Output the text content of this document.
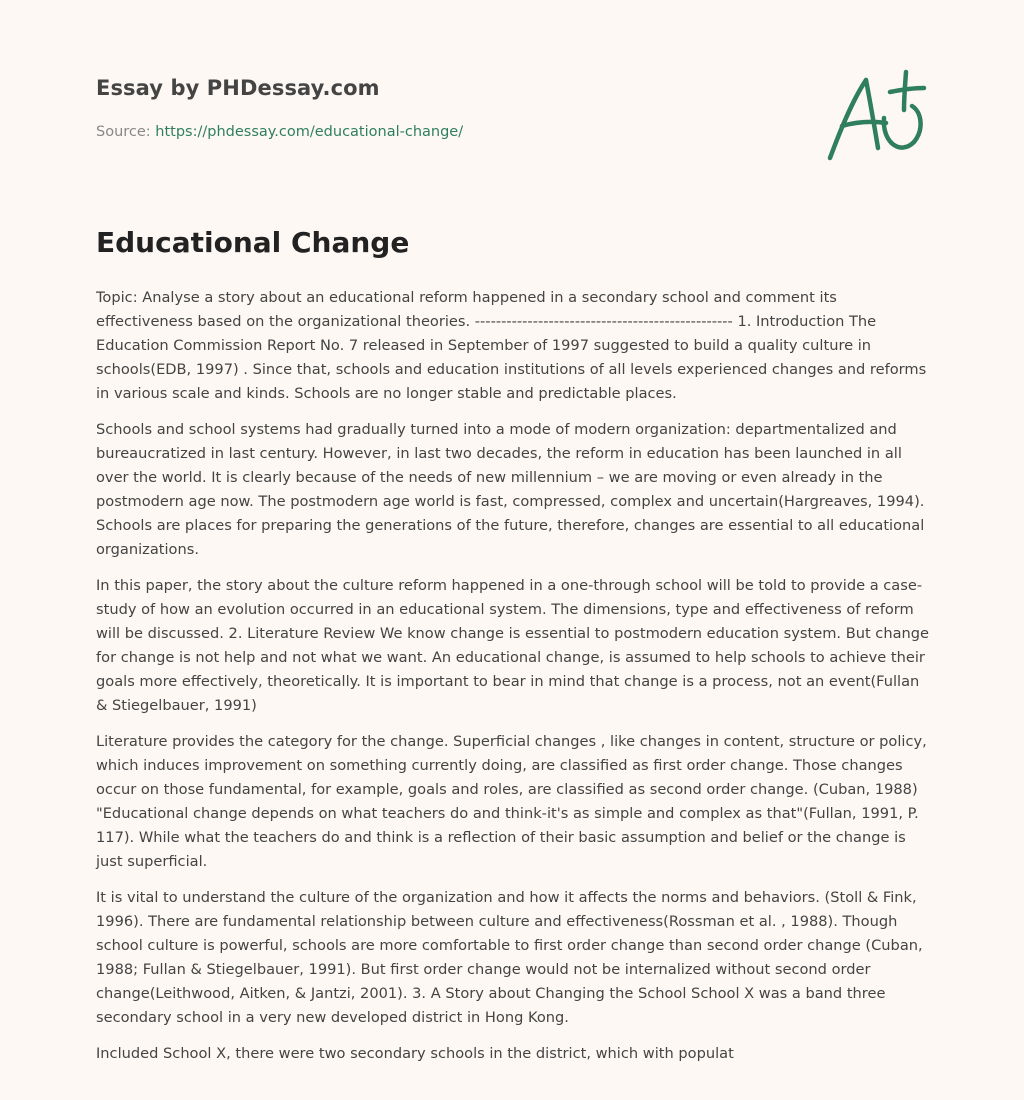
Essay by PHDessay.com
Source: https://phdessay.com/educational-change/
Educational Change

Topic: Analyse a story about an educational reform happened in a secondary school and comment its effectiveness based on the organizational theories. ------------------------------------------------- 1. Introduction The Education Commission Report No. 7 released in September of 1997 suggested to build a quality culture in schools(EDB, 1997) . Since that, schools and education institutions of all levels experienced changes and reforms in various scale and kinds. Schools are no longer stable and predictable places.

Schools and school systems had gradually turned into a mode of modern organization: departmentalized and bureaucratized in last century. However, in last two decades, the reform in education has been launched in all over the world. It is clearly because of the needs of new millennium – we are moving or even already in the postmodern age now. The postmodern age world is fast, compressed, complex and uncertain(Hargreaves, 1994). Schools are places for preparing the generations of the future, therefore, changes are essential to all educational organizations.

In this paper, the story about the culture reform happened in a one-through school will be told to provide a case-study of how an evolution occurred in an educational system. The dimensions, type and effectiveness of reform will be discussed. 2. Literature Review We know change is essential to postmodern education system. But change for change is not help and not what we want. An educational change, is assumed to help schools to achieve their goals more effectively, theoretically. It is important to bear in mind that change is a process, not an event(Fullan & Stiegelbauer, 1991)

Literature provides the category for the change. Superficial changes , like changes in content, structure or policy, which induces improvement on something currently doing, are classified as first order change. Those changes occur on those fundamental, for example, goals and roles, are classified as second order change. (Cuban, 1988) "Educational change depends on what teachers do and think-it's as simple and complex as that"(Fullan, 1991, P. 117). While what the teachers do and think is a reflection of their basic assumption and belief or the change is just superficial.

It is vital to understand the culture of the organization and how it affects the norms and behaviors. (Stoll & Fink, 1996). There are fundamental relationship between culture and effectiveness(Rossman et al. , 1988). Though school culture is powerful, schools are more comfortable to first order change than second order change (Cuban, 1988; Fullan & Stiegelbauer, 1991). But first order change would not be internalized without second order change(Leithwood, Aitken, & Jantzi, 2001). 3. A Story about Changing the School School X was a band three secondary school in a very new developed district in Hong Kong.

Included School X, there were two secondary schools in the district, which with populat
